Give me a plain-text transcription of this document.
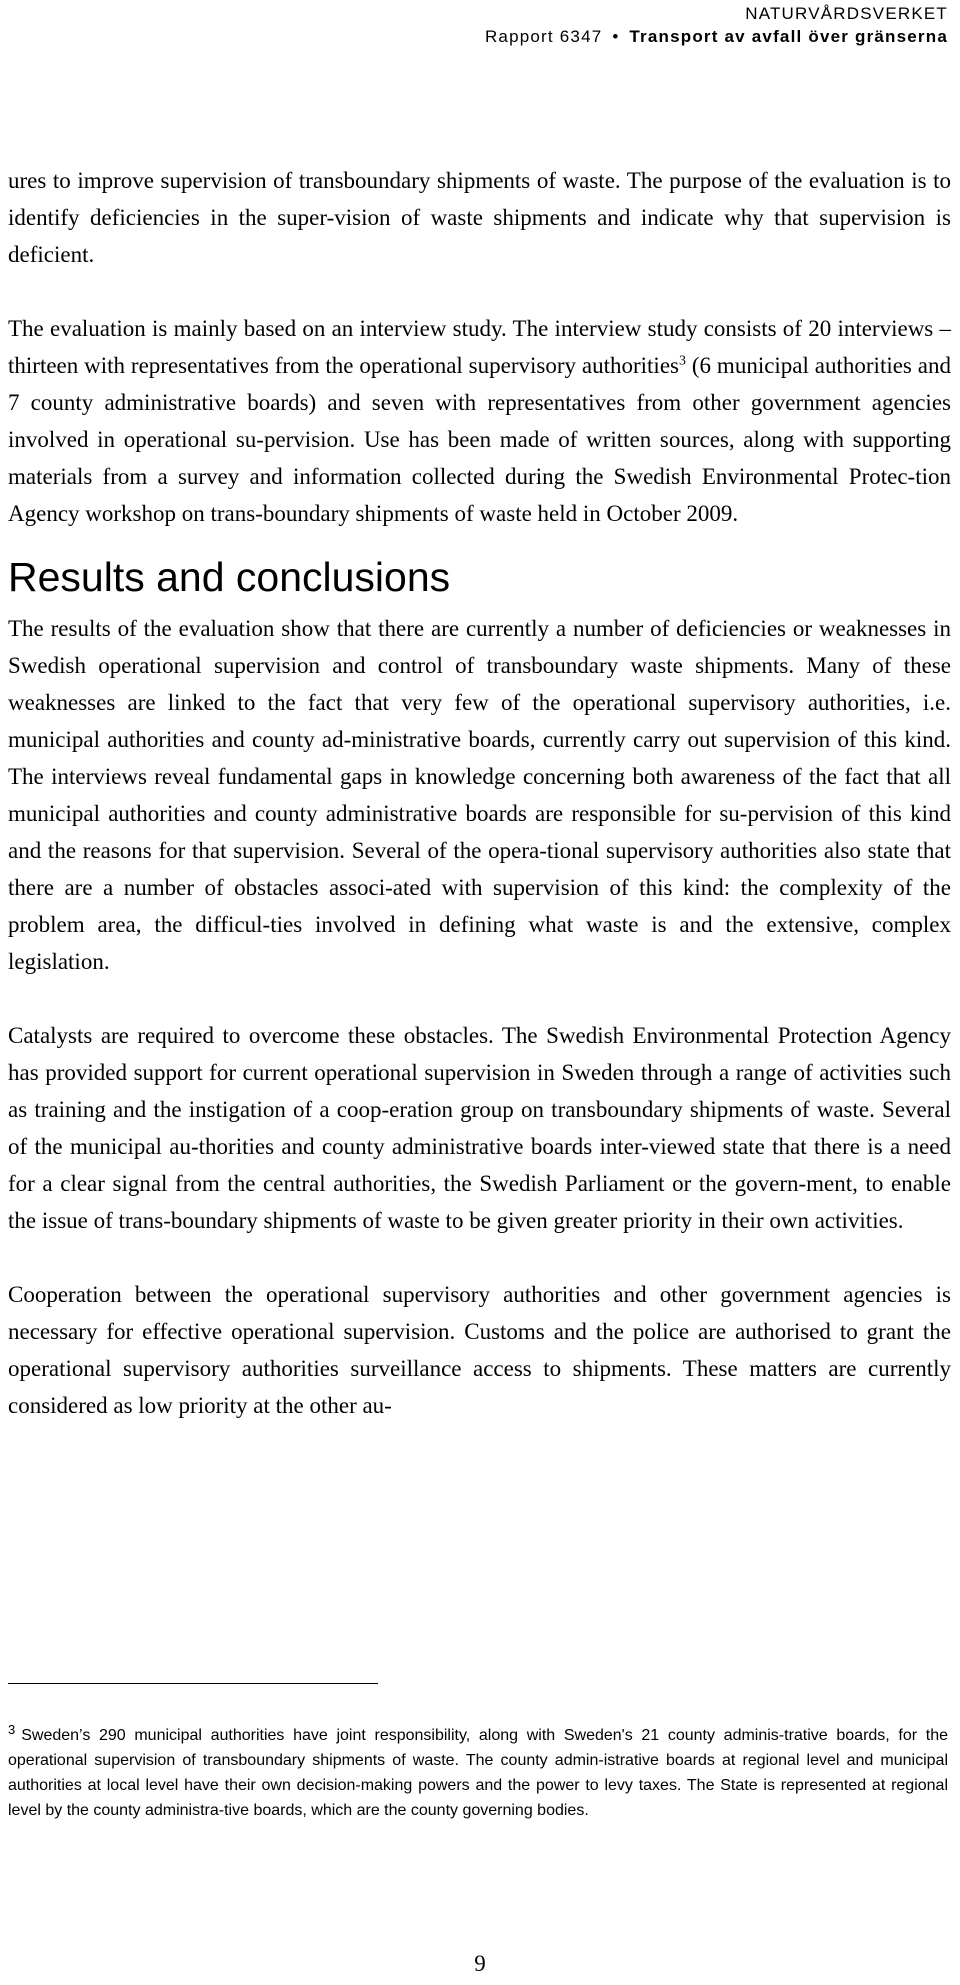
NATURVÅRDSVERKET
Rapport 6347 • Transport av avfall över gränserna

ures to improve supervision of transboundary shipments of waste. The purpose of the evaluation is to identify deficiencies in the super-vision of waste shipments and indicate why that supervision is deficient.

The evaluation is mainly based on an interview study. The interview study consists of 20 interviews – thirteen with representatives from the operational supervisory authorities$^3$ (6 municipal authorities and 7 county administrative boards) and seven with representatives from other government agencies involved in operational su-pervision. Use has been made of written sources, along with supporting materials from a survey and information collected during the Swedish Environmental Protec-tion Agency workshop on trans-boundary shipments of waste held in October 2009.

Results and conclusions

The results of the evaluation show that there are currently a number of deficiencies or weaknesses in Swedish operational supervision and control of transboundary waste shipments. Many of these weaknesses are linked to the fact that very few of the operational supervisory authorities, i.e. municipal authorities and county ad-ministrative boards, currently carry out supervision of this kind. The interviews reveal fundamental gaps in knowledge concerning both awareness of the fact that all municipal authorities and county administrative boards are responsible for su-pervision of this kind and the reasons for that supervision. Several of the opera-tional supervisory authorities also state that there are a number of obstacles associ-ated with supervision of this kind: the complexity of the problem area, the difficul-ties involved in defining what waste is and the extensive, complex legislation.

Catalysts are required to overcome these obstacles. The Swedish Environmental Protection Agency has provided support for current operational supervision in Sweden through a range of activities such as training and the instigation of a coop-eration group on transboundary shipments of waste. Several of the municipal au-thorities and county administrative boards inter-viewed state that there is a need for a clear signal from the central authorities, the Swedish Parliament or the govern-ment, to enable the issue of trans-boundary shipments of waste to be given greater priority in their own activities.

Cooperation between the operational supervisory authorities and other government agencies is necessary for effective operational supervision. Customs and the police are authorised to grant the operational supervisory authorities surveillance access to shipments. These matters are currently considered as low priority at the other au-

$^3$ Sweden’s 290 municipal authorities have joint responsibility, along with Sweden's 21 county adminis-trative boards, for the operational supervision of transboundary shipments of waste. The county admin-istrative boards at regional level and municipal authorities at local level have their own decision-making powers and the power to levy taxes. The State is represented at regional level by the county administra-tive boards, which are the county governing bodies.
9
